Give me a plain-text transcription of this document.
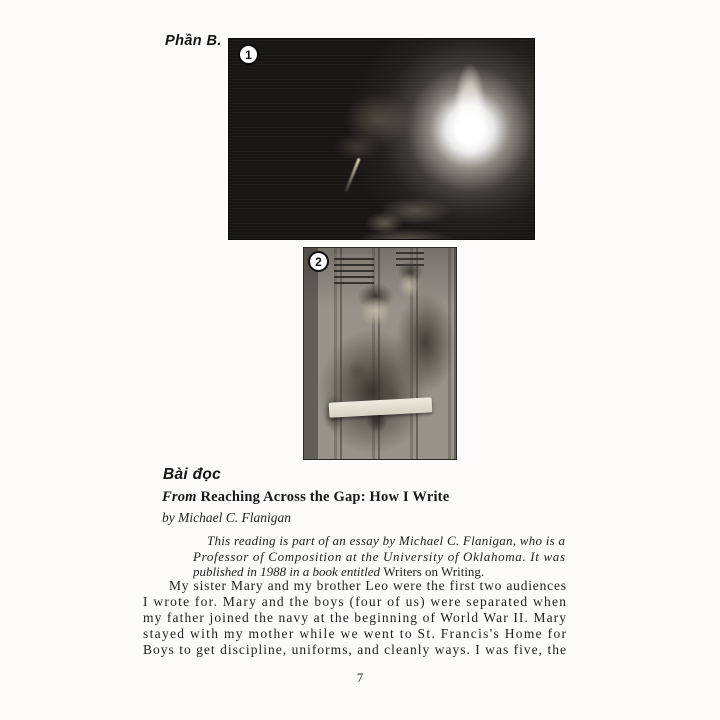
Phần B.
1
2
Bài đọc
From Reaching Across the Gap: How I Write
by Michael C. Flanigan
This reading is part of an essay by Michael C. Flanigan, who is a
Professor of Composition at the University of Oklahoma. It was
published in 1988 in a book entitled Writers on Writing.
My sister Mary and my brother Leo were the first two audiences
I wrote for. Mary and the boys (four of us) were separated when
my father joined the navy at the beginning of World War II. Mary
stayed with my mother while we went to St. Francis's Home for
Boys to get discipline, uniforms, and cleanly ways. I was five, the
7
